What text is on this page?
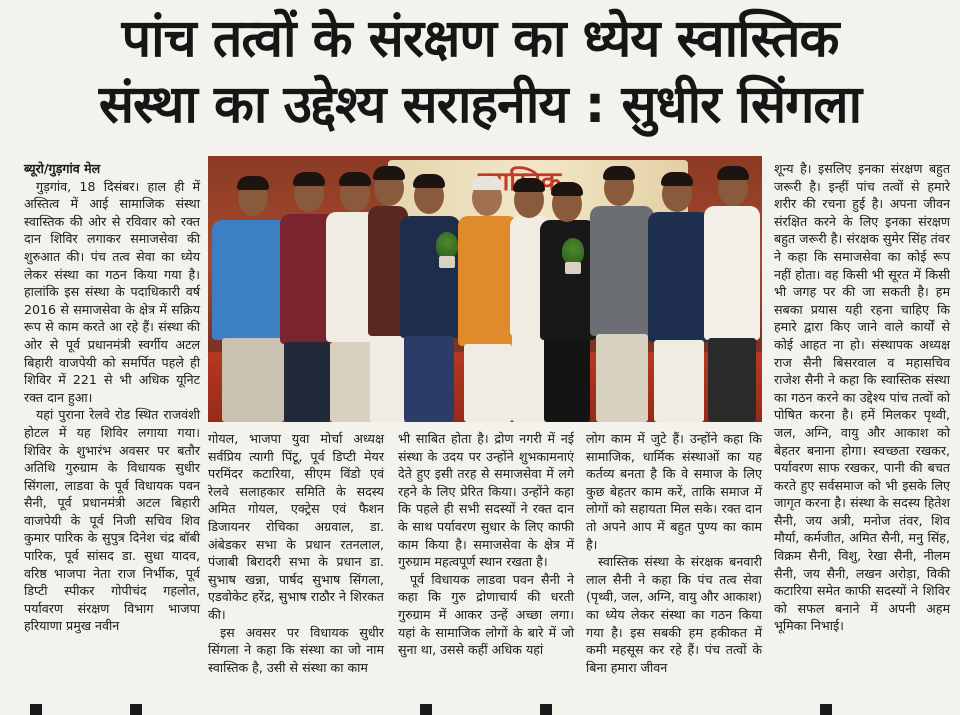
पांच तत्वों के संरक्षण का ध्येय स्वास्तिक
संस्था का उद्देश्य सराहनीय : सुधीर सिंगला

ब्यूरो/गुड़गांव मेल

गुड़गांव, 18 दिसंबर। हाल ही में अस्तित्व में आई सामाजिक संस्था स्वास्तिक की ओर से रविवार को रक्त दान शिविर लगाकर समाजसेवा की शुरुआत की। पंच तत्व सेवा का ध्येय लेकर संस्था का गठन किया गया है। हालांकि इस संस्था के पदाधिकारी वर्ष 2016 से समाजसेवा के क्षेत्र में सक्रिय रूप से काम करते आ रहे हैं। संस्था की ओर से पूर्व प्रधानमंत्री स्वर्गीय अटल बिहारी वाजपेयी को समर्पित पहले ही शिविर में 221 से भी अधिक यूनिट रक्त दान हुआ।

यहां पुराना रेलवे रोड स्थित राजवंशी होटल में यह शिविर लगाया गया। शिविर के शुभारंभ अवसर पर बतौर अतिथि गुरुग्राम के विधायक सुधीर सिंगला, लाडवा के पूर्व विधायक पवन सैनी, पूर्व प्रधानमंत्री अटल बिहारी वाजपेयी के पूर्व निजी सचिव शिव कुमार पारिक के सुपुत्र दिनेश चंद्र बॉबी पारिक, पूर्व सांसद डा. सुधा यादव, वरिष्ठ भाजपा नेता राज निर्भीक, पूर्व डिप्टी स्पीकर गोपीचंद गहलोत, पर्यावरण संरक्षण विभाग भाजपा हरियाणा प्रमुख नवीन

गोयल, भाजपा युवा मोर्चा अध्यक्ष सर्वप्रिय त्यागी पिंटू, पूर्व डिप्टी मेयर परमिंदर कटारिया, सीएम विंडो एवं रेलवे सलाहकार समिति के सदस्य अमित गोयल, एक्ट्रेस एवं फैशन डिजायनर रोचिका अग्रवाल, डा. अंबेडकर सभा के प्रधान रतनलाल, पंजाबी बिरादरी सभा के प्रधान डा. सुभाष खन्ना, पार्षद सुभाष सिंगला, एडवोकेट हरेंद्र, सुभाष राठौर ने शिरकत की।

इस अवसर पर विधायक सुधीर सिंगला ने कहा कि संस्था का जो नाम स्वास्तिक है, उसी से संस्था का काम

भी साबित होता है। द्रोण नगरी में नई संस्था के उदय पर उन्होंने शुभकामनाएं देते हुए इसी तरह से समाजसेवा में लगे रहने के लिए प्रेरित किया। उन्होंने कहा कि पहले ही सभी सदस्यों ने रक्त दान के साथ पर्यावरण सुधार के लिए काफी काम किया है। समाजसेवा के क्षेत्र में गुरुग्राम महत्वपूर्ण स्थान रखता है।

पूर्व विधायक लाडवा पवन सैनी ने कहा कि गुरु द्रोणाचार्य की धरती गुरुग्राम में आकर उन्हें अच्छा लगा। यहां के सामाजिक लोगों के बारे में जो सुना था, उससे कहीं अधिक यहां

लोग काम में जुटे हैं। उन्होंने कहा कि सामाजिक, धार्मिक संस्थाओं का यह कर्तव्य बनता है कि वे समाज के लिए कुछ बेहतर काम करें, ताकि समाज में लोगों को सहायता मिल सके। रक्त दान तो अपने आप में बहुत पुण्य का काम है।

स्वास्तिक संस्था के संरक्षक बनवारी लाल सैनी ने कहा कि पंच तत्व सेवा (पृथ्वी, जल, अग्नि, वायु और आकाश) का ध्येय लेकर संस्था का गठन किया गया है। इस सबकी हम हकीकत में कमी महसूस कर रहे हैं। पंच तत्वों के बिना हमारा जीवन

शून्य है। इसलिए इनका संरक्षण बहुत जरूरी है। इन्हीं पांच तत्वों से हमारे शरीर की रचना हुई है। अपना जीवन संरक्षित करने के लिए इनका संरक्षण बहुत जरूरी है। संरक्षक सुमेर सिंह तंवर ने कहा कि समाजसेवा का कोई रूप नहीं होता। वह किसी भी सूरत में किसी भी जगह पर की जा सकती है। हम सबका प्रयास यही रहना चाहिए कि हमारे द्वारा किए जाने वाले कार्यों से कोई आहत ना हो। संस्थापक अध्यक्ष राज सैनी बिसरवाल व महासचिव राजेश सैनी ने कहा कि स्वास्तिक संस्था का गठन करने का उद्देश्य पांच तत्वों को पोषित करना है। हमें मिलकर पृथ्वी, जल, अग्नि, वायु और आकाश को बेहतर बनाना होगा। स्वच्छता रखकर, पर्यावरण साफ रखकर, पानी की बचत करते हुए सर्वसमाज को भी इसके लिए जागृत करना है। संस्था के सदस्य हितेश सैनी, जय अत्री, मनोज तंवर, शिव मौर्या, कर्मजीत, अमित सैनी, मनु सिंह, विक्रम सैनी, विशु, रेखा सैनी, नीलम सैनी, जय सैनी, लखन अरोड़ा, विकी कटारिया समेत काफी सदस्यों ने शिविर को सफल बनाने में अपनी अहम भूमिका निभाई।
